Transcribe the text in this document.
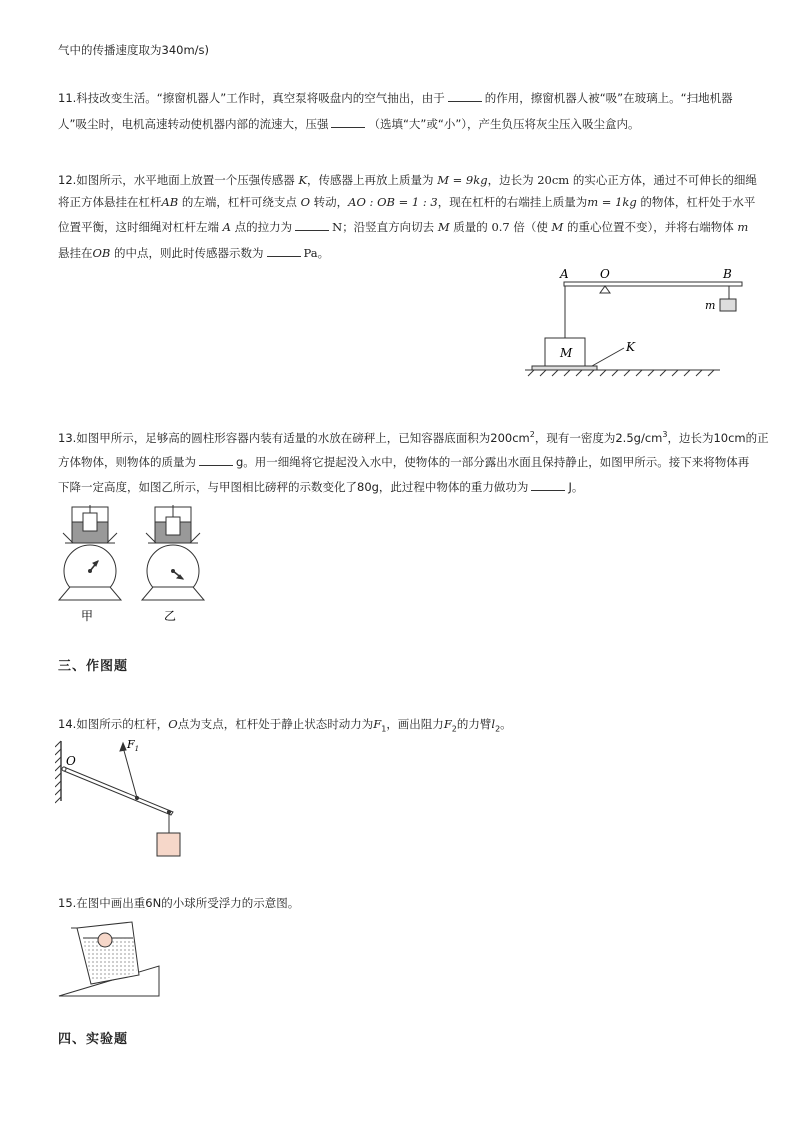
气中的传播速度取为340m/s)
11.科技改变生活。“擦窗机器人”工作时，真空泵将吸盘内的空气抽出，由于	的作用，擦窗机器人被“吸”在玻璃上。“扫地机器
人”吸尘时，电机高速转动使机器内部的流速大，压强	（选填“大”或“小”），产生负压将灰尘压入吸尘盒内。
12.如图所示，水平地面上放置一个压强传感器 K，传感器上再放上质量为 M = 9kg，边长为 20cm 的实心正方体，通过不可伸长的细绳
将正方体悬挂在杠杆AB 的左端，杠杆可绕支点 O 转动，AO : OB = 1 : 3，现在杠杆的右端挂上质量为m = 1kg 的物体，杠杆处于水平
位置平衡，这时细绳对杠杆左端 A 点的拉力为	N；沿竖直方向切去 M 质量的 0.7 倍（使 M 的重心位置不变），并将右端物体 m
悬挂在OB 的中点，则此时传感器示数为	Pa。
A	O	B
m
M	K
13.如图甲所示，足够高的圆柱形容器内装有适量的水放在磅秤上，已知容器底面积为$200cm^2$，现有一密度为$2.5g/cm^3$，边长为10cm的正
方体物体，则物体的质量为	g。用一细绳将它提起没入水中，使物体的一部分露出水面且保持静止，如图甲所示。接下来将物体再
下降一定高度，如图乙所示，与甲图相比磅秤的示数变化了80g，此过程中物体的重力做功为	J。
甲	乙
三、作图题
14.如图所示的杠杆，O点为支点，杠杆处于静止状态时动力为$F_1$，画出阻力$F_2$的力臂$l_2$。
O
$F_1$
15.在图中画出重6N的小球所受浮力的示意图。
四、实验题
